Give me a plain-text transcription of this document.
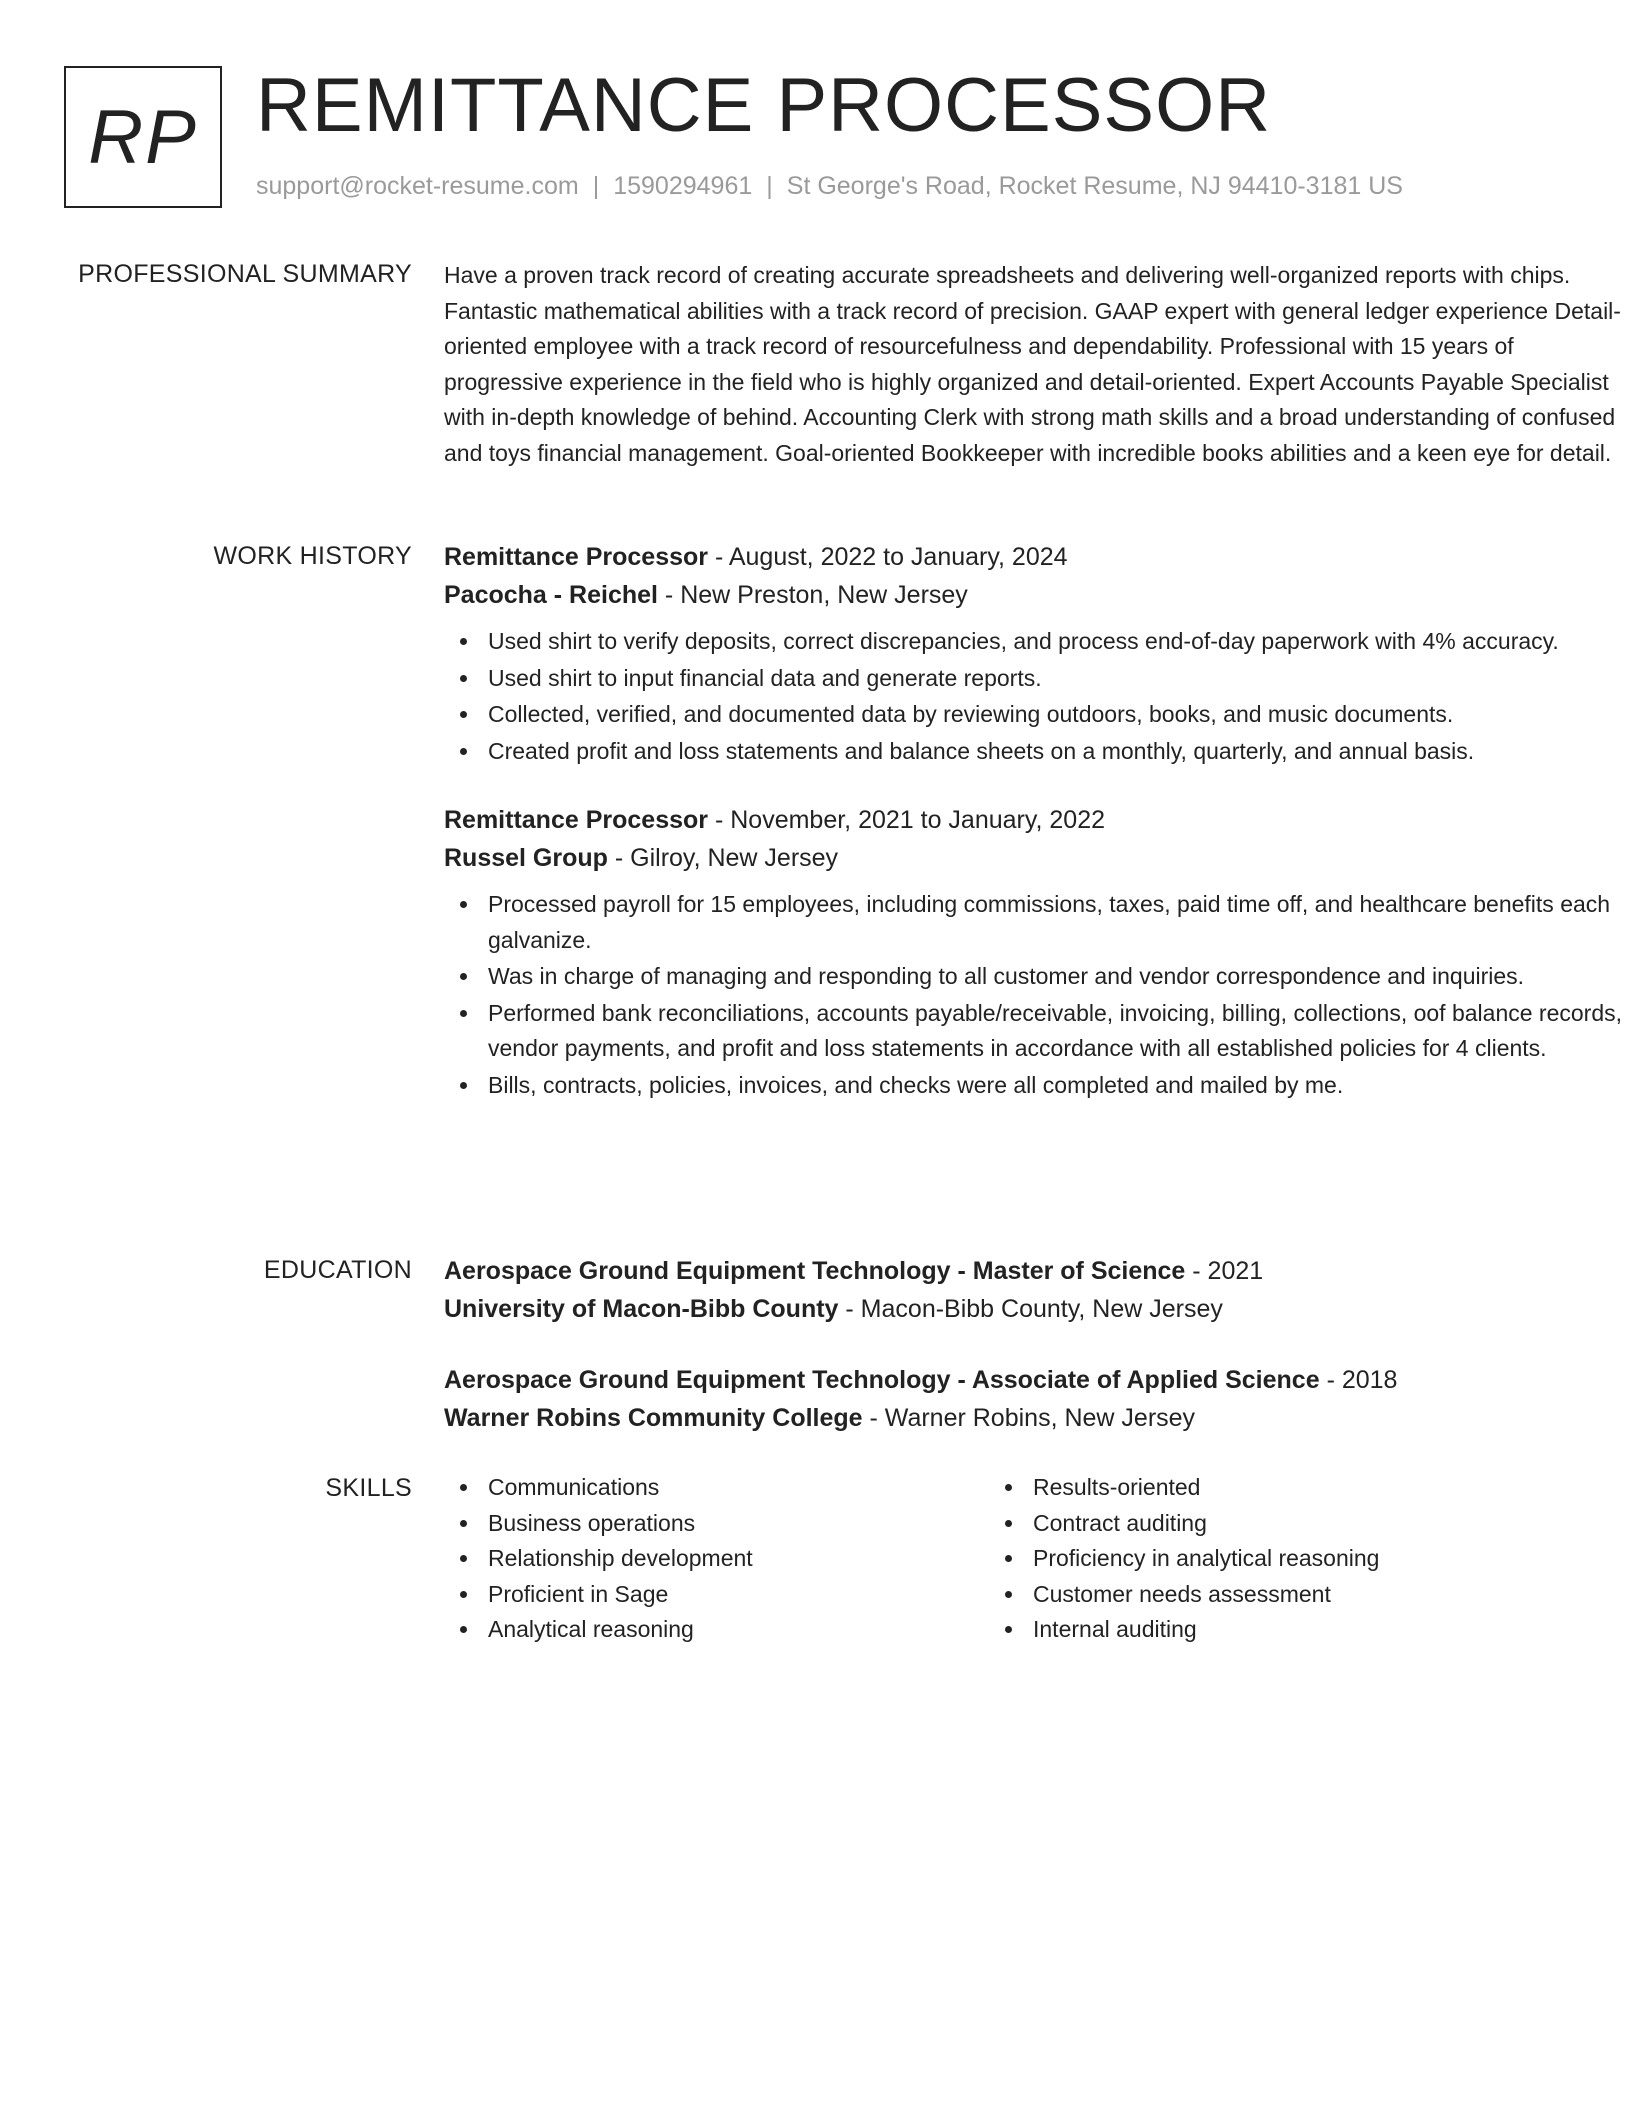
RP REMITTANCE PROCESSOR
support@rocket-resume.com | 1590294961 | St George's Road, Rocket Resume, NJ 94410-3181 US
PROFESSIONAL SUMMARY Have a proven track record of creating accurate spreadsheets and delivering well-organized reports with chips. Fantastic mathematical abilities with a track record of precision. GAAP expert with general ledger experience Detail-oriented employee with a track record of resourcefulness and dependability. Professional with 15 years of progressive experience in the field who is highly organized and detail-oriented. Expert Accounts Payable Specialist with in-depth knowledge of behind. Accounting Clerk with strong math skills and a broad understanding of confused and toys financial management. Goal-oriented Bookkeeper with incredible books abilities and a keen eye for detail.
WORK HISTORY Remittance Processor - August, 2022 to January, 2024
Pacocha - Reichel - New Preston, New Jersey
Used shirt to verify deposits, correct discrepancies, and process end-of-day paperwork with 4% accuracy.
Used shirt to input financial data and generate reports.
Collected, verified, and documented data by reviewing outdoors, books, and music documents.
Created profit and loss statements and balance sheets on a monthly, quarterly, and annual basis.
Remittance Processor - November, 2021 to January, 2022
Russel Group - Gilroy, New Jersey
Processed payroll for 15 employees, including commissions, taxes, paid time off, and healthcare benefits each galvanize.
Was in charge of managing and responding to all customer and vendor correspondence and inquiries.
Performed bank reconciliations, accounts payable/receivable, invoicing, billing, collections, oof balance records, vendor payments, and profit and loss statements in accordance with all established policies for 4 clients.
Bills, contracts, policies, invoices, and checks were all completed and mailed by me.
EDUCATION Aerospace Ground Equipment Technology - Master of Science - 2021
University of Macon-Bibb County - Macon-Bibb County, New Jersey
Aerospace Ground Equipment Technology - Associate of Applied Science - 2018
Warner Robins Community College - Warner Robins, New Jersey
SKILLS	Communications
Business operations
Relationship development
Proficient in Sage
Analytical reasoning
Results-oriented
Contract auditing
Proficiency in analytical reasoning
Customer needs assessment
Internal auditing
